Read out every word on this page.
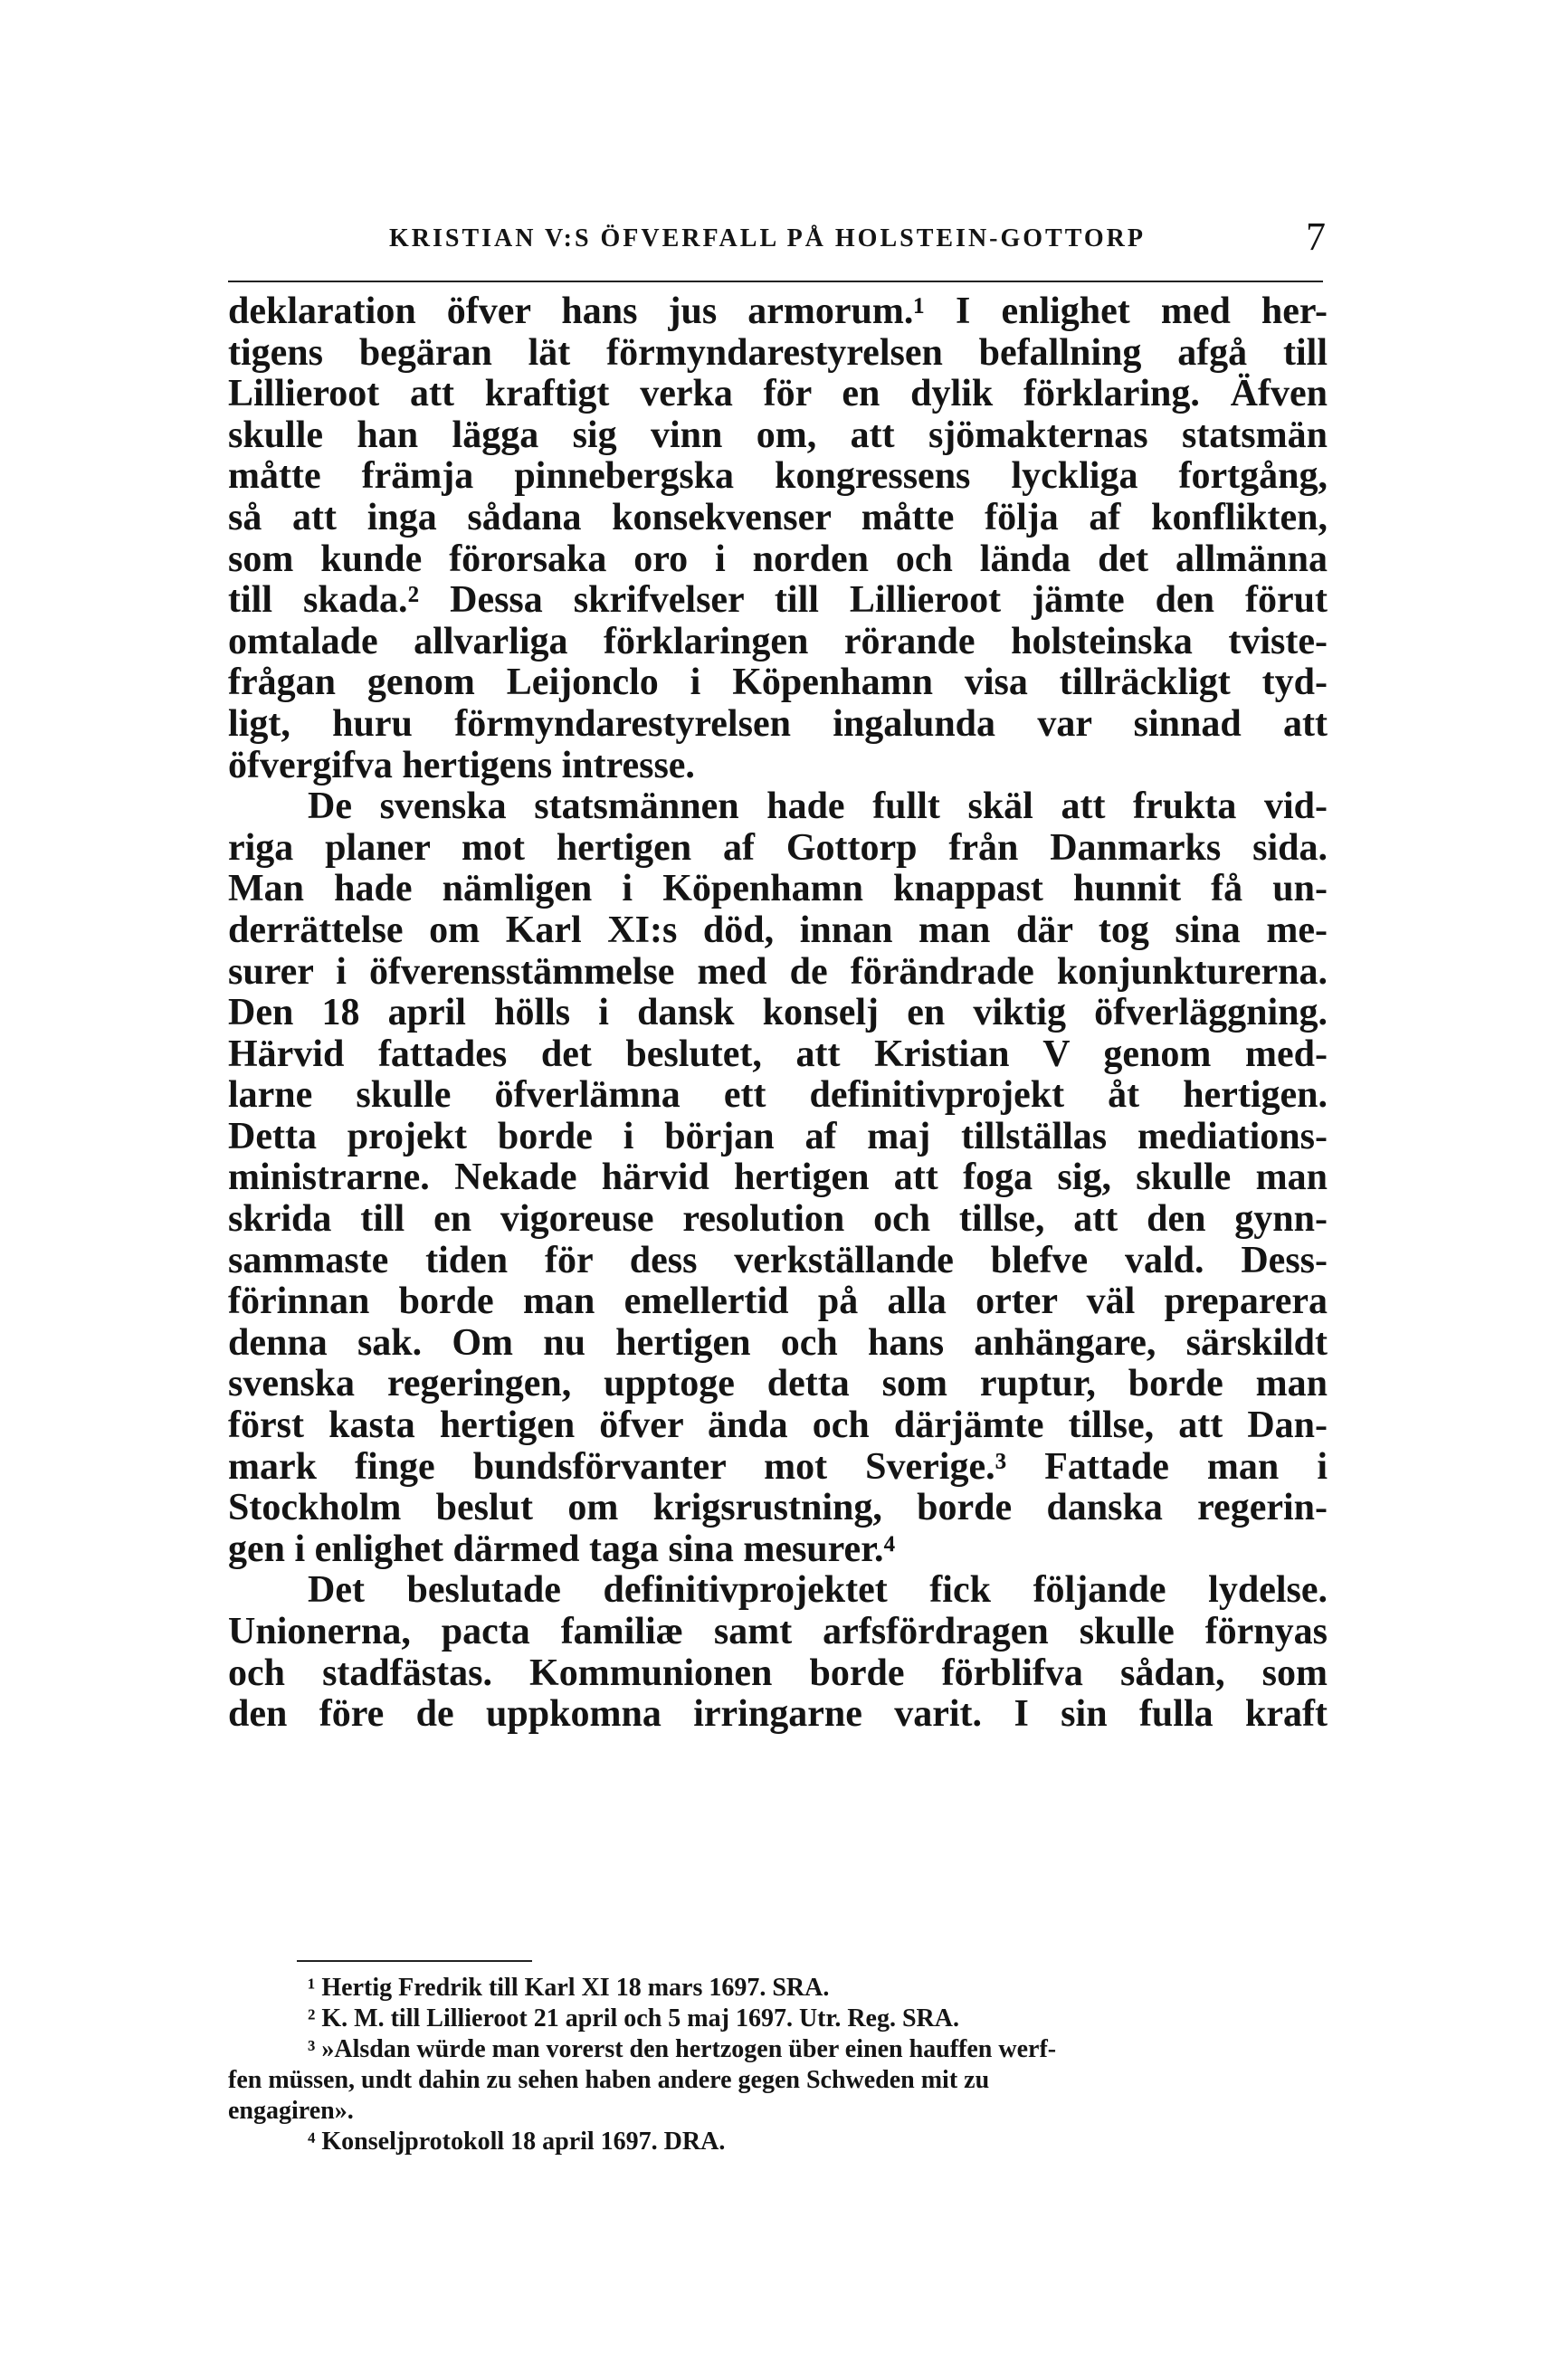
KRISTIAN V:S ÖFVERFALL PÅ HOLSTEIN-GOTTORP	7
deklaration öfver hans jus armorum.¹ I enlighet med her-
tigens begäran lät förmyndarestyrelsen befallning afgå till
Lillieroot att kraftigt verka för en dylik förklaring. Äfven
skulle han lägga sig vinn om, att sjömakternas statsmän
måtte främja pinnebergska kongressens lyckliga fortgång,
så att inga sådana konsekvenser måtte följa af konflikten,
som kunde förorsaka oro i norden och lända det allmänna
till skada.² Dessa skrifvelser till Lillieroot jämte den förut
omtalade allvarliga förklaringen rörande holsteinska tviste-
frågan genom Leijonclo i Köpenhamn visa tillräckligt tyd-
ligt, huru förmyndarestyrelsen ingalunda var sinnad att
öfvergifva hertigens intresse.
De svenska statsmännen hade fullt skäl att frukta vid-
riga planer mot hertigen af Gottorp från Danmarks sida.
Man hade nämligen i Köpenhamn knappast hunnit få un-
derrättelse om Karl XI:s död, innan man där tog sina me-
surer i öfverensstämmelse med de förändrade konjunkturerna.
Den 18 april hölls i dansk konselj en viktig öfverläggning.
Härvid fattades det beslutet, att Kristian V genom med-
larne skulle öfverlämna ett definitivprojekt åt hertigen.
Detta projekt borde i början af maj tillställas mediations-
ministrarne. Nekade härvid hertigen att foga sig, skulle man
skrida till en vigoreuse resolution och tillse, att den gynn-
sammaste tiden för dess verkställande blefve vald. Dess-
förinnan borde man emellertid på alla orter väl preparera
denna sak. Om nu hertigen och hans anhängare, särskildt
svenska regeringen, upptoge detta som ruptur, borde man
först kasta hertigen öfver ända och därjämte tillse, att Dan-
mark finge bundsförvanter mot Sverige.³ Fattade man i
Stockholm beslut om krigsrustning, borde danska regerin-
gen i enlighet därmed taga sina mesurer.⁴
Det beslutade definitivprojektet fick följande lydelse.
Unionerna, pacta familiæ samt arfsfördragen skulle förnyas
och stadfästas. Kommunionen borde förblifva sådan, som
den före de uppkomna irringarne varit. I sin fulla kraft
¹ Hertig Fredrik till Karl XI 18 mars 1697. SRA.
² K. M. till Lillieroot 21 april och 5 maj 1697. Utr. Reg. SRA.
³ »Alsdan würde man vorerst den hertzogen über einen hauffen werf-
fen müssen, undt dahin zu sehen haben andere gegen Schweden mit zu
engagiren».
⁴ Konseljprotokoll 18 april 1697. DRA.
